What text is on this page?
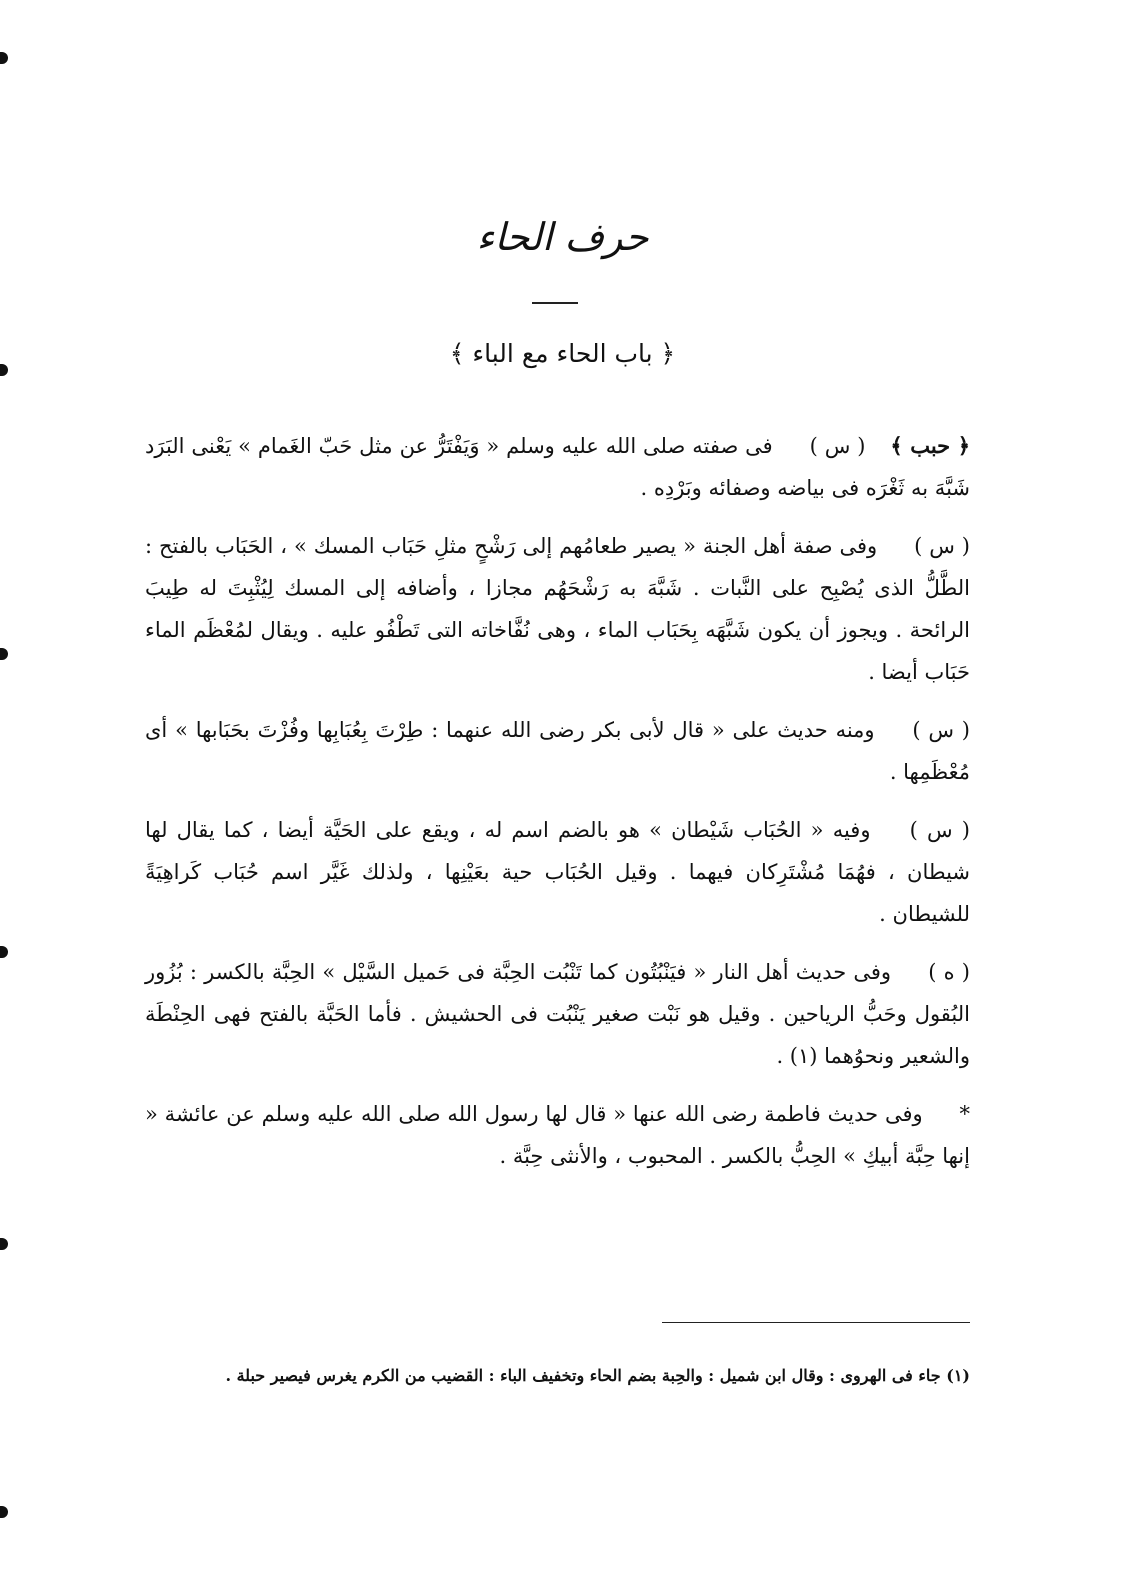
حرف الحاء
﴿ باب الحاء مع الباء ﴾

﴿ حبب ﴾ ( س ) فى صفته صلى الله عليه وسلم « وَيَفْتَرُّ عن مثل حَبّ الغَمام » يَعْنى البَرَد شَبَّهَ به ثَغْرَه فى بياضه وصفائه وبَرْدِه .

( س ) وفى صفة أهل الجنة « يصير طعامُهم إلى رَشْحٍ مثلِ حَبَاب المسك » ، الحَبَاب بالفتح : الطَّلُّ الذى يُصْبِح على النَّبات . شَبَّهَ به رَشْحَهُم مجازا ، وأضافه إلى المسك لِيُثْبِتَ له طِيبَ الرائحة . ويجوز أن يكون شَبَّهَه بِحَبَاب الماء ، وهى نُفَّاخاته التى تَطْفُو عليه . ويقال لمُعْظَم الماء حَبَاب أيضا .

( س ) ومنه حديث على « قال لأبى بكر رضى الله عنهما : طِرْتَ بِعُبَابِها وفُزْتَ بحَبَابها » أى مُعْظَمِها .

( س ) وفيه « الحُبَاب شَيْطان » هو بالضم اسم له ، ويقع على الحَيَّة أيضا ، كما يقال لها شيطان ، فهُمَا مُشْتَرِكان فيهما . وقيل الحُبَاب حية بعَيْنِها ، ولذلك غَيَّر اسم حُبَاب كَراهِيَةً للشيطان .

( ه ) وفى حديث أهل النار « فيَنْبُتُون كما تَنْبُت الحِبَّة فى حَميل السَّيْل » الحِبَّة بالكسر : بُزُور البُقول وحَبُّ الرياحين . وقيل هو نَبْت صغير يَنْبُت فى الحشيش . فأما الحَبَّة بالفتح فهى الحِنْطَة والشعير ونحوُهما (١) .

* وفى حديث فاطمة رضى الله عنها « قال لها رسول الله صلى الله عليه وسلم عن عائشة « إنها حِبَّة أبيكِ » الحِبُّ بالكسر . المحبوب ، والأنثى حِبَّة .

(١) جاء فى الهروى : وقال ابن شميل : والحِبة بضم الحاء وتخفيف الباء : القضيب من الكرم يغرس فيصير حبلة .
